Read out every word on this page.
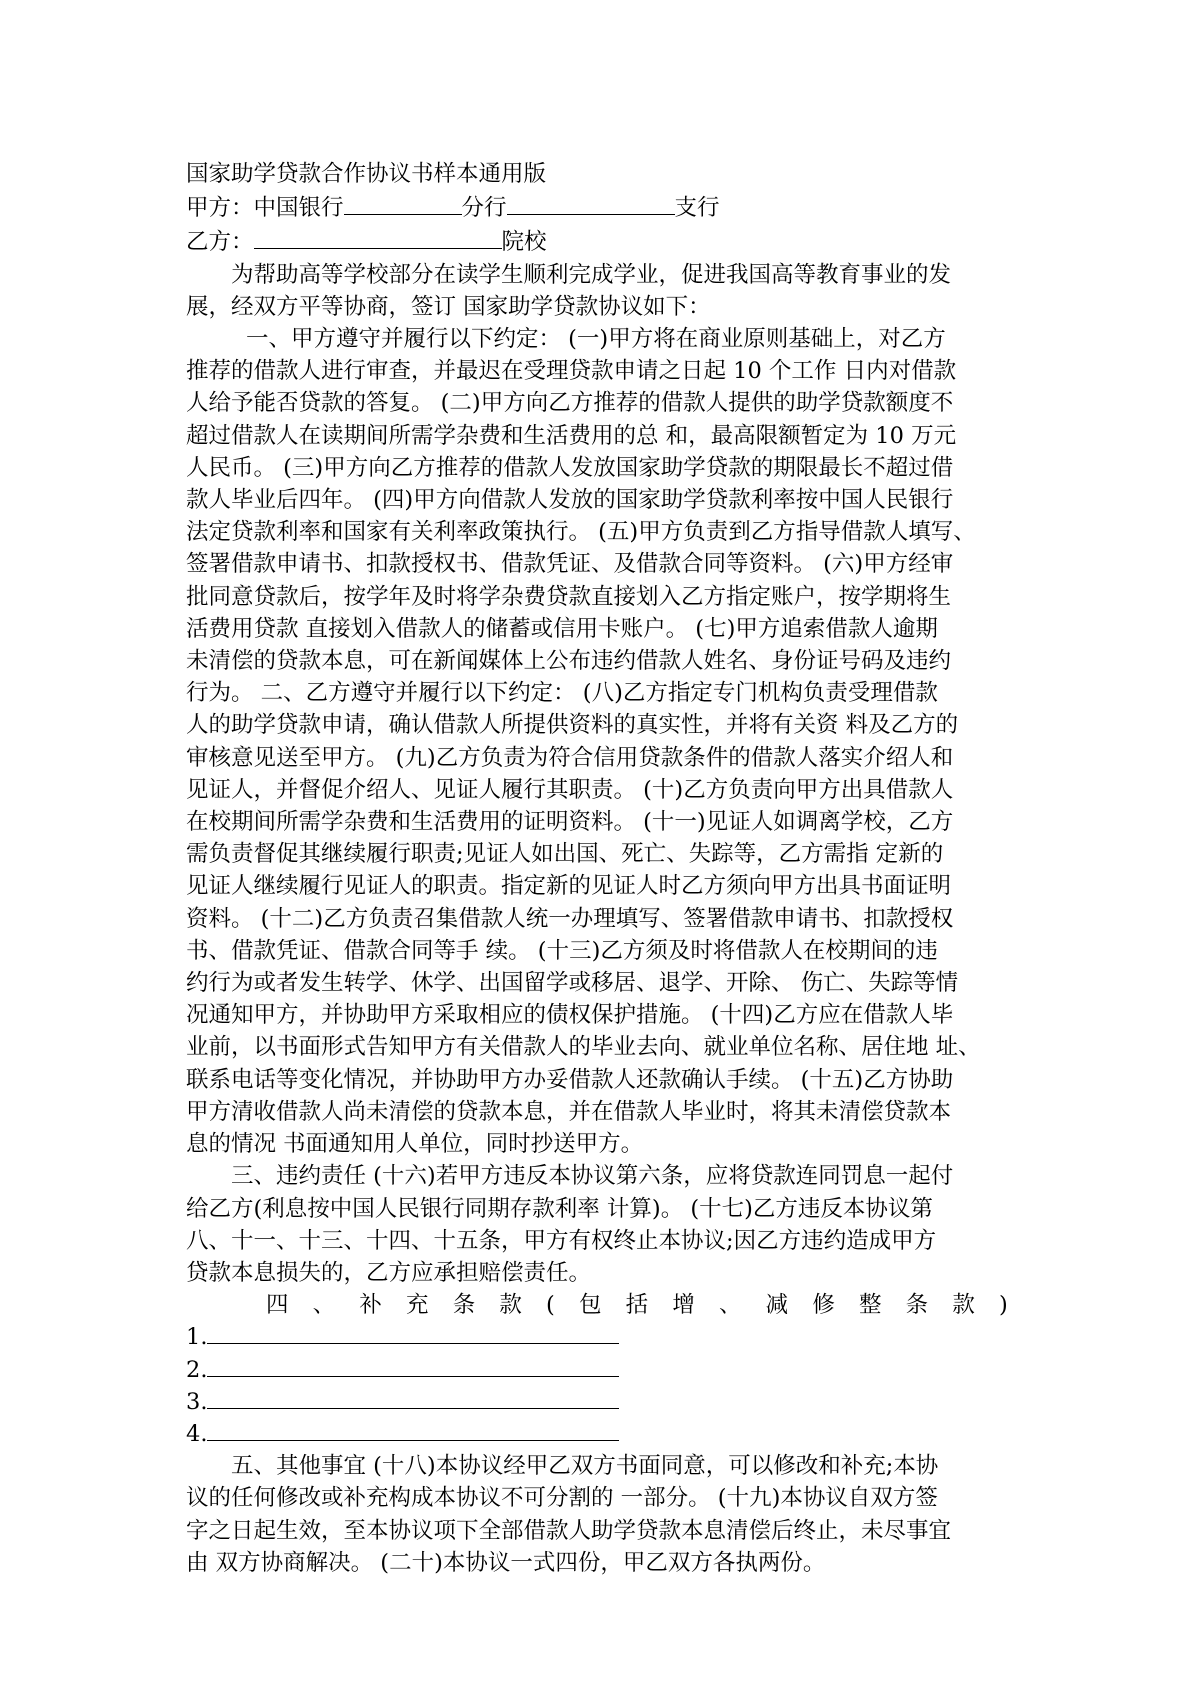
国家助学贷款合作协议书样本通用版
甲方：中国银行	分行	支行
乙方：	院校
为帮助高等学校部分在读学生顺利完成学业，促进我国高等教育事业的发
展，经双方平等协商，签订 国家助学贷款协议如下：
一、甲方遵守并履行以下约定： (一)甲方将在商业原则基础上，对乙方
推荐的借款人进行审查，并最迟在受理贷款申请之日起 10 个工作 日内对借款
人给予能否贷款的答复。 (二)甲方向乙方推荐的借款人提供的助学贷款额度不
超过借款人在读期间所需学杂费和生活费用的总 和，最高限额暂定为 10 万元
人民币。 (三)甲方向乙方推荐的借款人发放国家助学贷款的期限最长不超过借
款人毕业后四年。 (四)甲方向借款人发放的国家助学贷款利率按中国人民银行
法定贷款利率和国家有关利率政策执行。 (五)甲方负责到乙方指导借款人填写、
签署借款申请书、扣款授权书、借款凭证、及借款合同等资料。 (六)甲方经审
批同意贷款后，按学年及时将学杂费贷款直接划入乙方指定账户，按学期将生
活费用贷款 直接划入借款人的储蓄或信用卡账户。 (七)甲方追索借款人逾期
未清偿的贷款本息，可在新闻媒体上公布违约借款人姓名、身份证号码及违约
行为。 二、乙方遵守并履行以下约定： (八)乙方指定专门机构负责受理借款
人的助学贷款申请，确认借款人所提供资料的真实性，并将有关资 料及乙方的
审核意见送至甲方。 (九)乙方负责为符合信用贷款条件的借款人落实介绍人和
见证人，并督促介绍人、见证人履行其职责。 (十)乙方负责向甲方出具借款人
在校期间所需学杂费和生活费用的证明资料。 (十一)见证人如调离学校，乙方
需负责督促其继续履行职责;见证人如出国、死亡、失踪等，乙方需指 定新的
见证人继续履行见证人的职责。指定新的见证人时乙方须向甲方出具书面证明
资料。 (十二)乙方负责召集借款人统一办理填写、签署借款申请书、扣款授权
书、借款凭证、借款合同等手 续。 (十三)乙方须及时将借款人在校期间的违
约行为或者发生转学、休学、出国留学或移居、退学、开除、 伤亡、失踪等情
况通知甲方，并协助甲方采取相应的债权保护措施。 (十四)乙方应在借款人毕
业前，以书面形式告知甲方有关借款人的毕业去向、就业单位名称、居住地 址、
联系电话等变化情况，并协助甲方办妥借款人还款确认手续。 (十五)乙方协助
甲方清收借款人尚未清偿的贷款本息，并在借款人毕业时，将其未清偿贷款本
息的情况 书面通知用人单位，同时抄送甲方。
三、违约责任 (十六)若甲方违反本协议第六条，应将贷款连同罚息一起付
给乙方(利息按中国人民银行同期存款利率 计算)。 (十七)乙方违反本协议第
八、十一、十三、十四、十五条，甲方有权终止本协议;因乙方违约造成甲方
贷款本息损失的，乙方应承担赔偿责任。
四 、 补 充 条 款 ( 包 括 增 、 减 修 整 条 款 )
1.
2.
3.
4.
五、其他事宜 (十八)本协议经甲乙双方书面同意，可以修改和补充;本协
议的任何修改或补充构成本协议不可分割的 一部分。 (十九)本协议自双方签
字之日起生效，至本协议项下全部借款人助学贷款本息清偿后终止，未尽事宜
由 双方协商解决。 (二十)本协议一式四份，甲乙双方各执两份。
